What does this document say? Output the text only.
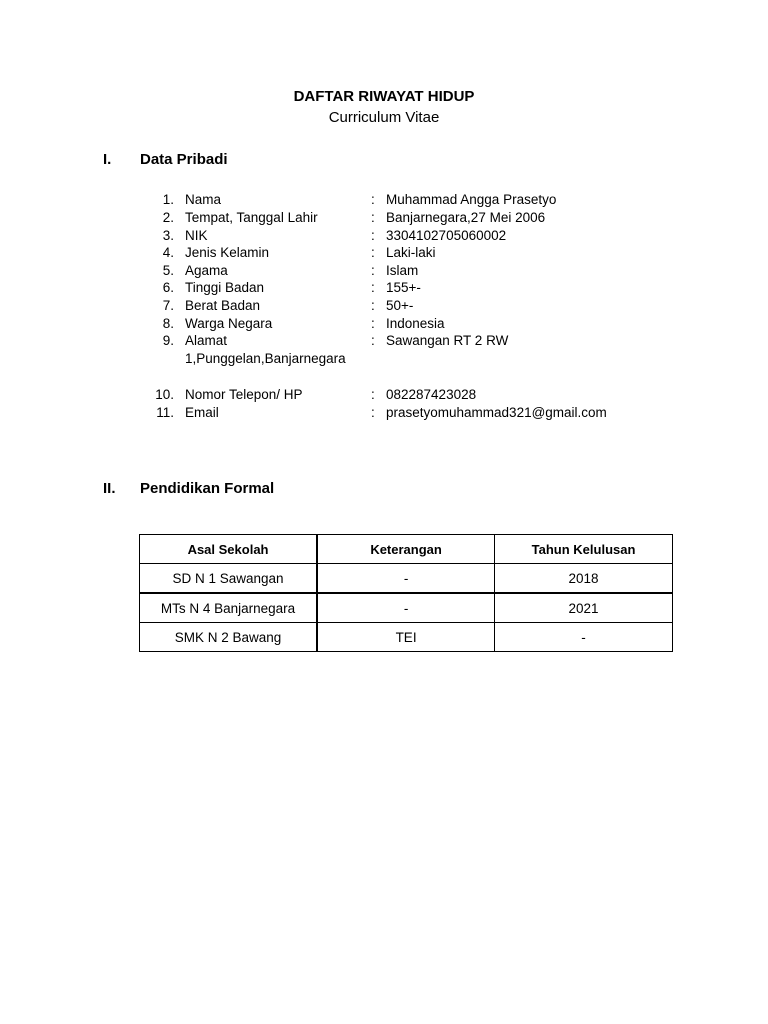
DAFTAR RIWAYAT HIDUP
Curriculum Vitae
I. Data Pribadi
1. Nama	: Muhammad Angga Prasetyo
2. Tempat, Tanggal Lahir	: Banjarnegara,27 Mei 2006
3. NIK	: 3304102705060002
4. Jenis Kelamin	: Laki-laki
5. Agama	: Islam
6. Tinggi Badan	: 155+-
7. Berat Badan	: 50+-
8. Warga Negara	: Indonesia
9. Alamat	: Sawangan RT 2 RW
1,Punggelan,Banjarnegara
10. Nomor Telepon/ HP	: 082287423028
11. Email	: prasetyomuhammad321@gmail.com
II. Pendidikan Formal
Asal Sekolah	Keterangan	Tahun Kelulusan
SD N 1 Sawangan	-	2018
MTs N 4 Banjarnegara	-	2021
SMK N 2 Bawang	TEI	-
